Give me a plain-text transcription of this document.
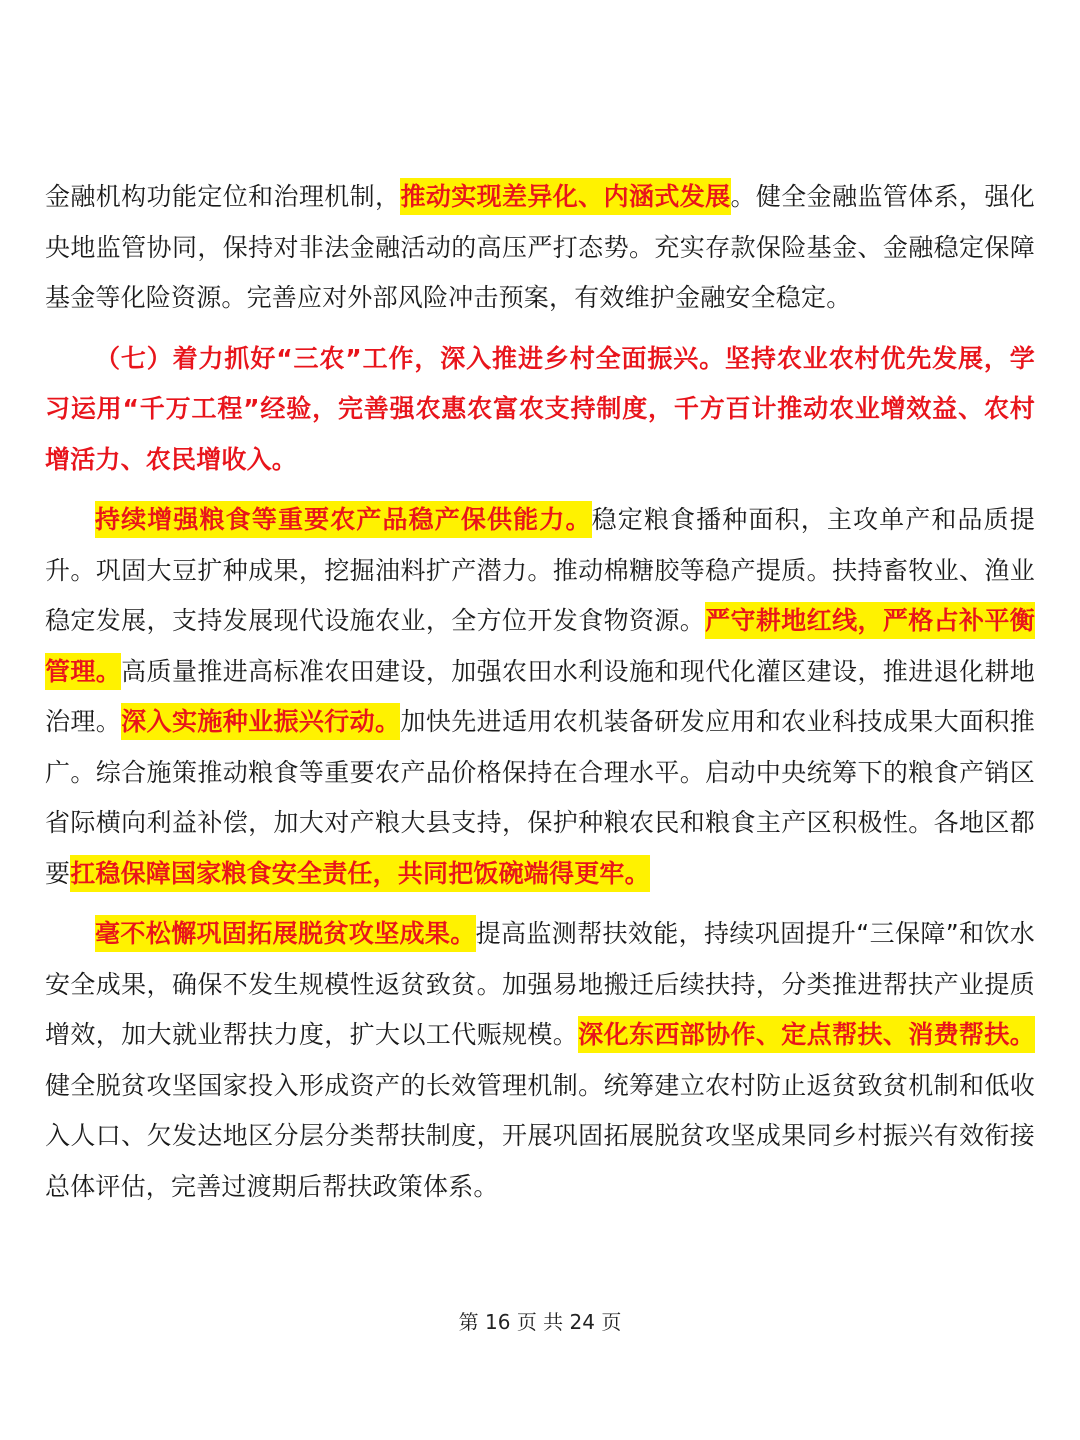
金融机构功能定位和治理机制，推动实现差异化、内涵式发展。健全金融监管体系，强化央地监管协同，保持对非法金融活动的高压严打态势。充实存款保险基金、金融稳定保障基金等化险资源。完善应对外部风险冲击预案，有效维护金融安全稳定。

（七）着力抓好“三农”工作，深入推进乡村全面振兴。坚持农业农村优先发展，学习运用“千万工程”经验，完善强农惠农富农支持制度，千方百计推动农业增效益、农村增活力、农民增收入。

持续增强粮食等重要农产品稳产保供能力。稳定粮食播种面积，主攻单产和品质提升。巩固大豆扩种成果，挖掘油料扩产潜力。推动棉糖胶等稳产提质。扶持畜牧业、渔业稳定发展，支持发展现代设施农业，全方位开发食物资源。严守耕地红线，严格占补平衡管理。高质量推进高标准农田建设，加强农田水利设施和现代化灌区建设，推进退化耕地治理。深入实施种业振兴行动。加快先进适用农机装备研发应用和农业科技成果大面积推广。综合施策推动粮食等重要农产品价格保持在合理水平。启动中央统筹下的粮食产销区省际横向利益补偿，加大对产粮大县支持，保护种粮农民和粮食主产区积极性。各地区都要扛稳保障国家粮食安全责任，共同把饭碗端得更牢。

毫不松懈巩固拓展脱贫攻坚成果。提高监测帮扶效能，持续巩固提升“三保障”和饮水安全成果，确保不发生规模性返贫致贫。加强易地搬迁后续扶持，分类推进帮扶产业提质增效，加大就业帮扶力度，扩大以工代赈规模。深化东西部协作、定点帮扶、消费帮扶。健全脱贫攻坚国家投入形成资产的长效管理机制。统筹建立农村防止返贫致贫机制和低收入人口、欠发达地区分层分类帮扶制度，开展巩固拓展脱贫攻坚成果同乡村振兴有效衔接总体评估，完善过渡期后帮扶政策体系。

第 16 页 共 24 页
